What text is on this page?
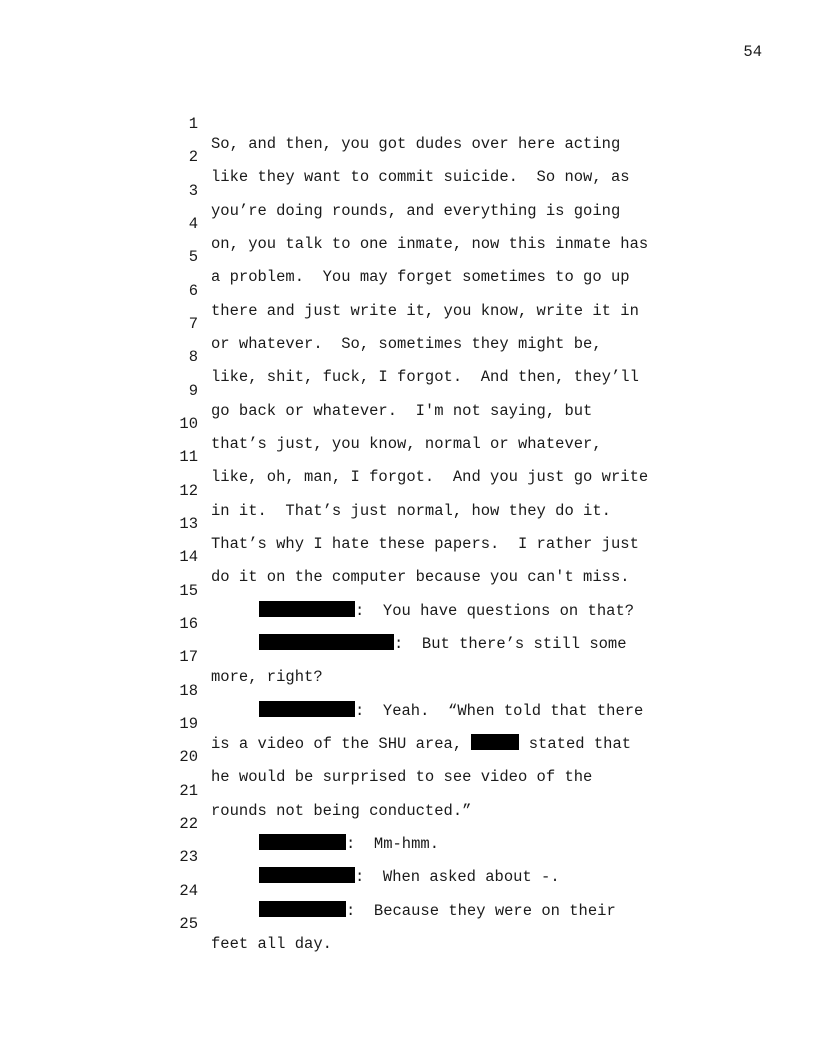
54

1

So, and then, you got dudes over here acting

2

like they want to commit suicide.  So now, as

3

you’re doing rounds, and everything is going

4

on, you talk to one inmate, now this inmate has

5

a problem.  You may forget sometimes to go up

6

there and just write it, you know, write it in

7

or whatever.  So, sometimes they might be,

8

like, shit, fuck, I forgot.  And then, they’ll

9

go back or whatever.  I'm not saying, but

10

that’s just, you know, normal or whatever,

11

like, oh, man, I forgot.  And you just go write

12

in it.  That’s just normal, how they do it.

13

That’s why I hate these papers.  I rather just

14

do it on the computer because you can't miss.

15

:  You have questions on that?

16

:  But there’s still some

17

more, right?

18

:  Yeah.  “When told that there

19

is a video of the SHU area,	stated that

20

he would be surprised to see video of the

21

rounds not being conducted.”

22

:  Mm-hmm.

23

:  When asked about -.

24

:  Because they were on their

25

feet all day.
